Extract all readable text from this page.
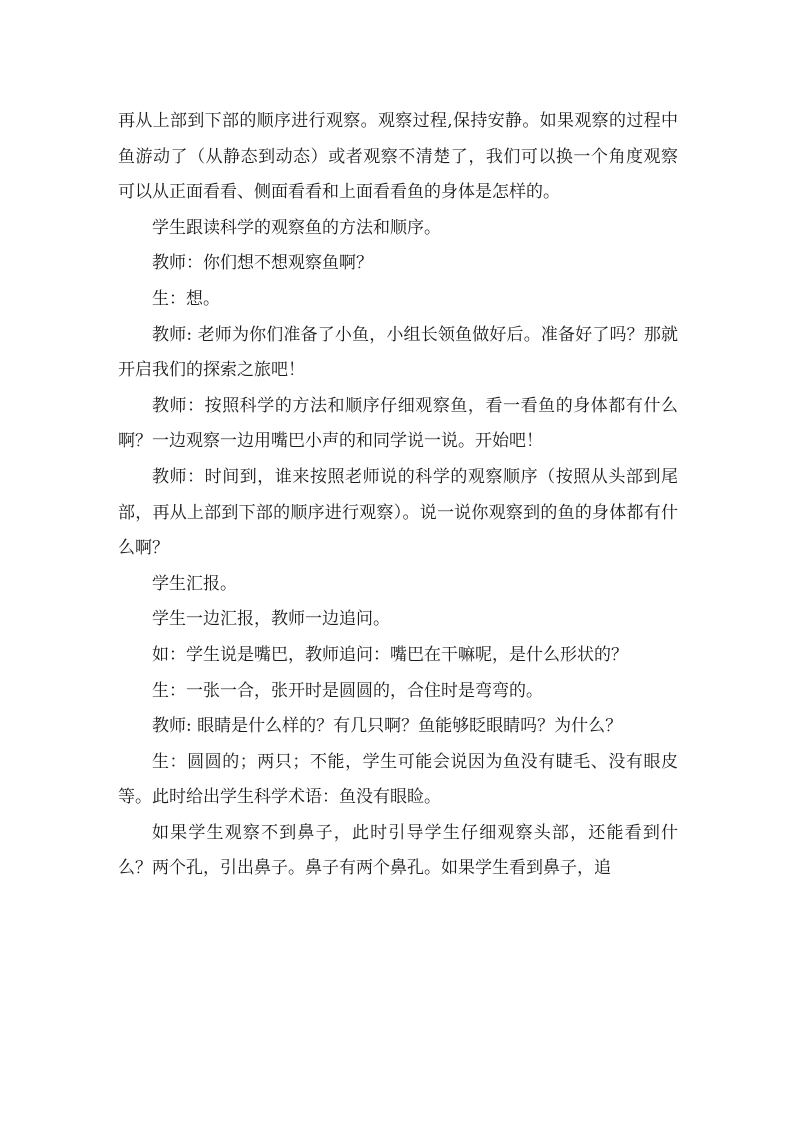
再从上部到下部的顺序进行观察。观察过程,保持安静。如果观察的过程中鱼游动了（从静态到动态）或者观察不清楚了，我们可以换一个角度观察可以从正面看看、侧面看看和上面看看鱼的身体是怎样的。

学生跟读科学的观察鱼的方法和顺序。

教师：你们想不想观察鱼啊？

生：想。

教师: 老师为你们准备了小鱼，小组长领鱼做好后。准备好了吗？那就开启我们的探索之旅吧！

教师：按照科学的方法和顺序仔细观察鱼，看一看鱼的身体都有什么啊？一边观察一边用嘴巴小声的和同学说一说。开始吧！

教师：时间到，谁来按照老师说的科学的观察顺序（按照从头部到尾部，再从上部到下部的顺序进行观察）。说一说你观察到的鱼的身体都有什么啊？

学生汇报。

学生一边汇报，教师一边追问。

如：学生说是嘴巴，教师追问：嘴巴在干嘛呢，是什么形状的？

生：一张一合，张开时是圆圆的，合住时是弯弯的。

教师: 眼睛是什么样的？有几只啊？鱼能够眨眼睛吗？为什么？

生：圆圆的；两只；不能，学生可能会说因为鱼没有睫毛、没有眼皮等。此时给出学生科学术语：鱼没有眼睑。

如果学生观察不到鼻子，此时引导学生仔细观察头部，还能看到什么？两个孔，引出鼻子。鼻子有两个鼻孔。如果学生看到鼻子，追
